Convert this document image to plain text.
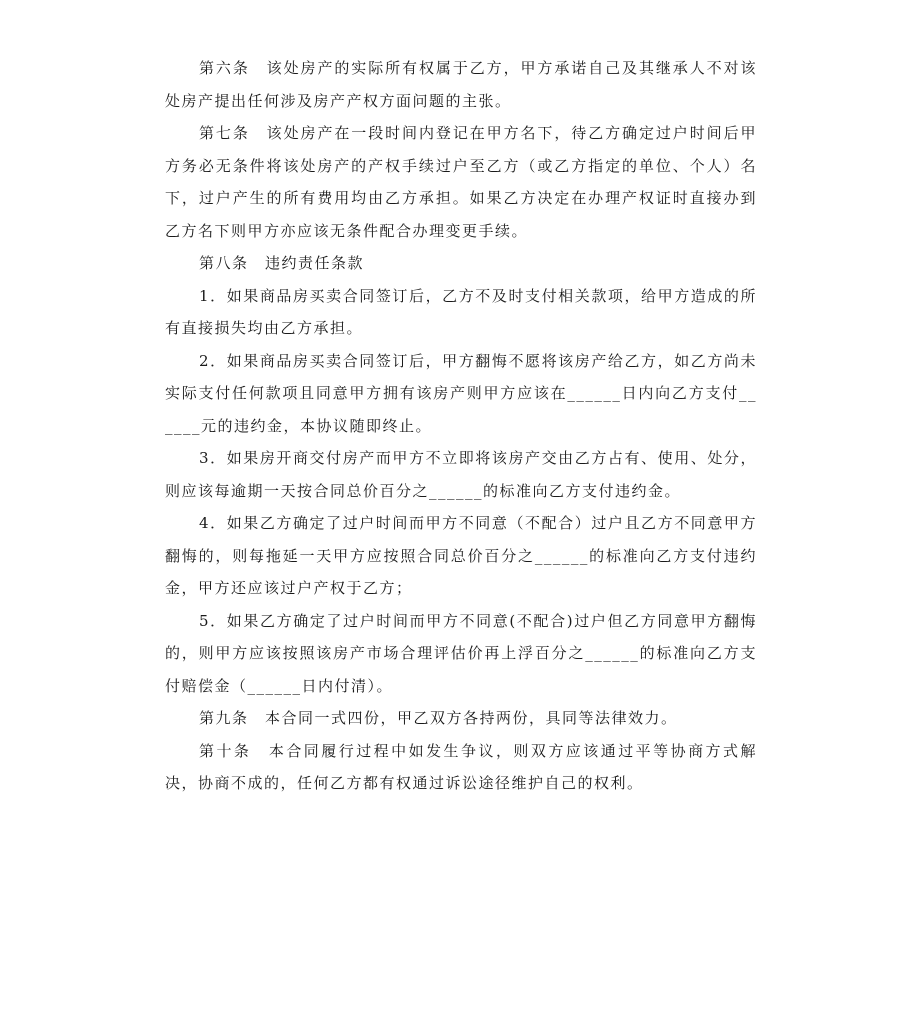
第六条　该处房产的实际所有权属于乙方，甲方承诺自己及其继承人不对该处房产提出任何涉及房产产权方面问题的主张。

第七条　该处房产在一段时间内登记在甲方名下，待乙方确定过户时间后甲方务必无条件将该处房产的产权手续过户至乙方（或乙方指定的单位、个人）名下，过户产生的所有费用均由乙方承担。如果乙方决定在办理产权证时直接办到乙方名下则甲方亦应该无条件配合办理变更手续。

第八条　违约责任条款

1．如果商品房买卖合同签订后，乙方不及时支付相关款项，给甲方造成的所有直接损失均由乙方承担。

2．如果商品房买卖合同签订后，甲方翻悔不愿将该房产给乙方，如乙方尚未实际支付任何款项且同意甲方拥有该房产则甲方应该在______日内向乙方支付______元的违约金，本协议随即终止。

3．如果房开商交付房产而甲方不立即将该房产交由乙方占有、使用、处分，则应该每逾期一天按合同总价百分之______的标准向乙方支付违约金。

4．如果乙方确定了过户时间而甲方不同意（不配合）过户且乙方不同意甲方翻悔的，则每拖延一天甲方应按照合同总价百分之______的标准向乙方支付违约金，甲方还应该过户产权于乙方；

5．如果乙方确定了过户时间而甲方不同意(不配合)过户但乙方同意甲方翻悔的，则甲方应该按照该房产市场合理评估价再上浮百分之______的标准向乙方支付赔偿金（______日内付清）。

第九条　本合同一式四份，甲乙双方各持两份，具同等法律效力。

第十条　本合同履行过程中如发生争议，则双方应该通过平等协商方式解决，协商不成的，任何乙方都有权通过诉讼途径维护自己的权利。
